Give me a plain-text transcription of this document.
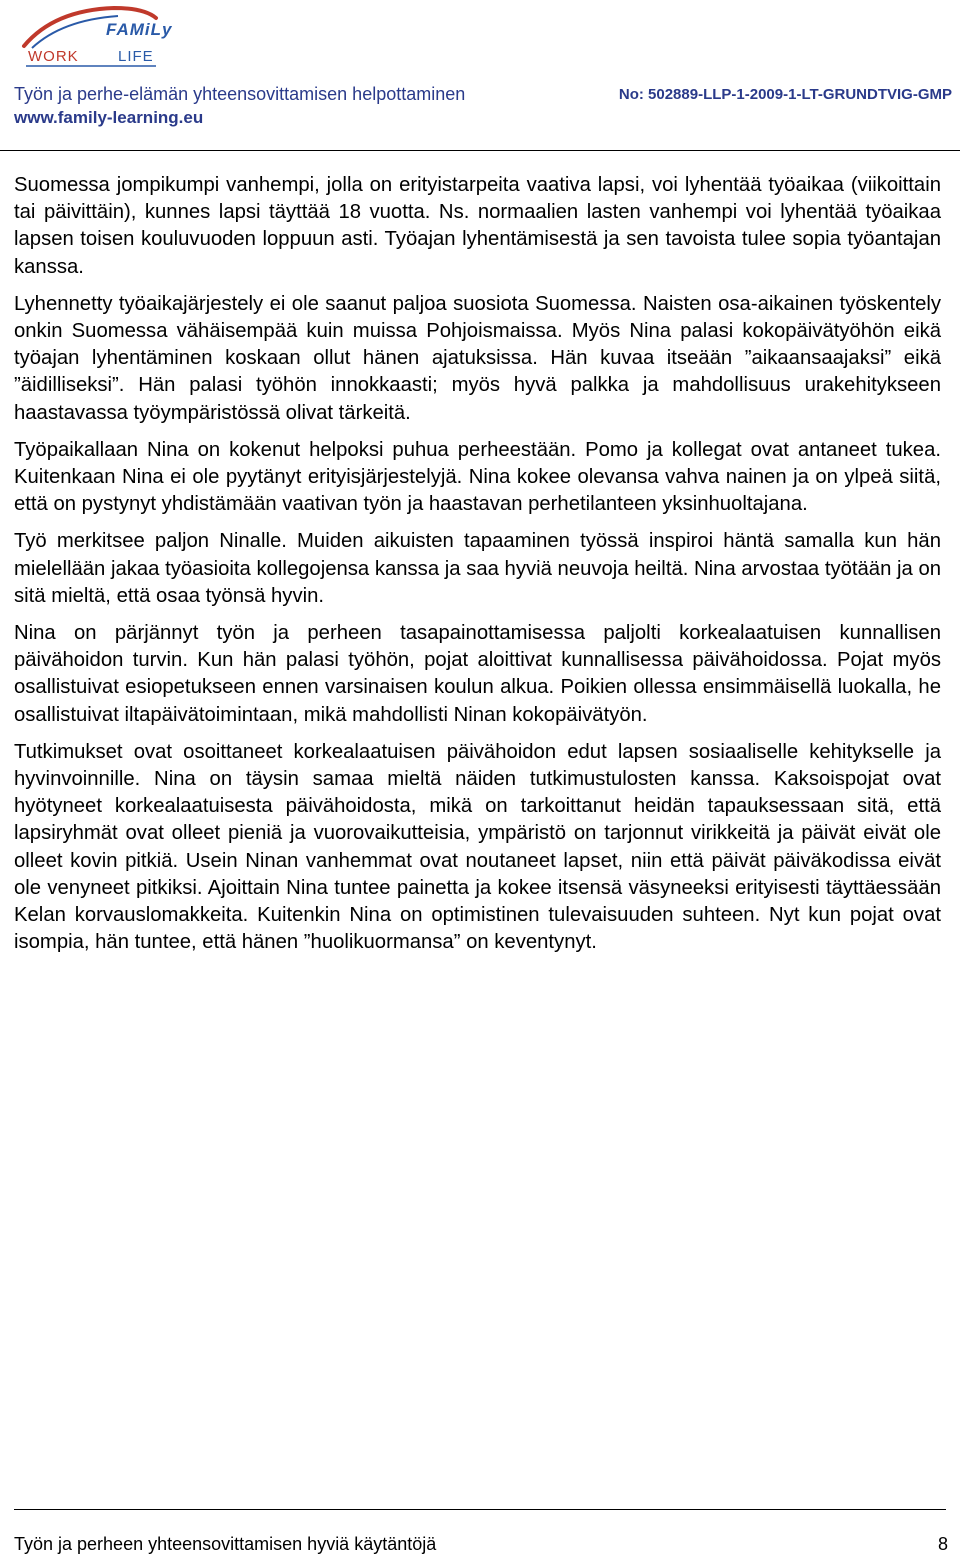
FAMiLy
WORK	LIFE
Työn ja perhe-elämän yhteensovittamisen helpottaminen
www.family-learning.eu
No: 502889-LLP-1-2009-1-LT-GRUNDTVIG-GMP

Suomessa jompikumpi vanhempi, jolla on erityistarpeita vaativa lapsi, voi lyhentää työaikaa (viikoittain tai päivittäin), kunnes lapsi täyttää 18 vuotta. Ns. normaalien lasten vanhempi voi lyhentää työaikaa lapsen toisen kouluvuoden loppuun asti. Työajan lyhentämisestä ja sen tavoista tulee sopia työantajan kanssa.

Lyhennetty työaikajärjestely ei ole saanut paljoa suosiota Suomessa. Naisten osa-aikainen työskentely onkin Suomessa vähäisempää kuin muissa Pohjoismaissa. Myös Nina palasi kokopäivätyöhön eikä työajan lyhentäminen koskaan ollut hänen ajatuksissa. Hän kuvaa itseään ”aikaansaajaksi” eikä ”äidilliseksi”. Hän palasi työhön innokkaasti; myös hyvä palkka ja mahdollisuus urakehitykseen haastavassa työympäristössä olivat tärkeitä.

Työpaikallaan Nina on kokenut helpoksi puhua perheestään. Pomo ja kollegat ovat antaneet tukea. Kuitenkaan Nina ei ole pyytänyt erityisjärjestelyjä. Nina kokee olevansa vahva nainen ja on ylpeä siitä, että on pystynyt yhdistämään vaativan työn ja haastavan perhetilanteen yksinhuoltajana.

Työ merkitsee paljon Ninalle. Muiden aikuisten tapaaminen työssä inspiroi häntä samalla kun hän mielellään jakaa työasioita kollegojensa kanssa ja saa hyviä neuvoja heiltä. Nina arvostaa työtään ja on sitä mieltä, että osaa työnsä hyvin.

Nina on pärjännyt työn ja perheen tasapainottamisessa paljolti korkealaatuisen kunnallisen päivähoidon turvin. Kun hän palasi työhön, pojat aloittivat kunnallisessa päivähoidossa. Pojat myös osallistuivat esiopetukseen ennen varsinaisen koulun alkua. Poikien ollessa ensimmäisellä luokalla, he osallistuivat iltapäivätoimintaan, mikä mahdollisti Ninan kokopäivätyön.

Tutkimukset ovat osoittaneet korkealaatuisen päivähoidon edut lapsen sosiaaliselle kehitykselle ja hyvinvoinnille. Nina on täysin samaa mieltä näiden tutkimustulosten kanssa. Kaksoispojat ovat hyötyneet korkealaatuisesta päivähoidosta, mikä on tarkoittanut heidän tapauksessaan sitä, että lapsiryhmät ovat olleet pieniä ja vuorovaikutteisia, ympäristö on tarjonnut virikkeitä ja päivät eivät ole olleet kovin pitkiä. Usein Ninan vanhemmat ovat noutaneet lapset, niin että päivät päiväkodissa eivät ole venyneet pitkiksi. Ajoittain Nina tuntee painetta ja kokee itsensä väsyneeksi erityisesti täyttäessään Kelan korvauslomakkeita. Kuitenkin Nina on optimistinen tulevaisuuden suhteen. Nyt kun pojat ovat isompia, hän tuntee, että hänen ”huolikuormansa” on keventynyt.

Työn ja perheen yhteensovittamisen hyviä käytäntöjä	8
